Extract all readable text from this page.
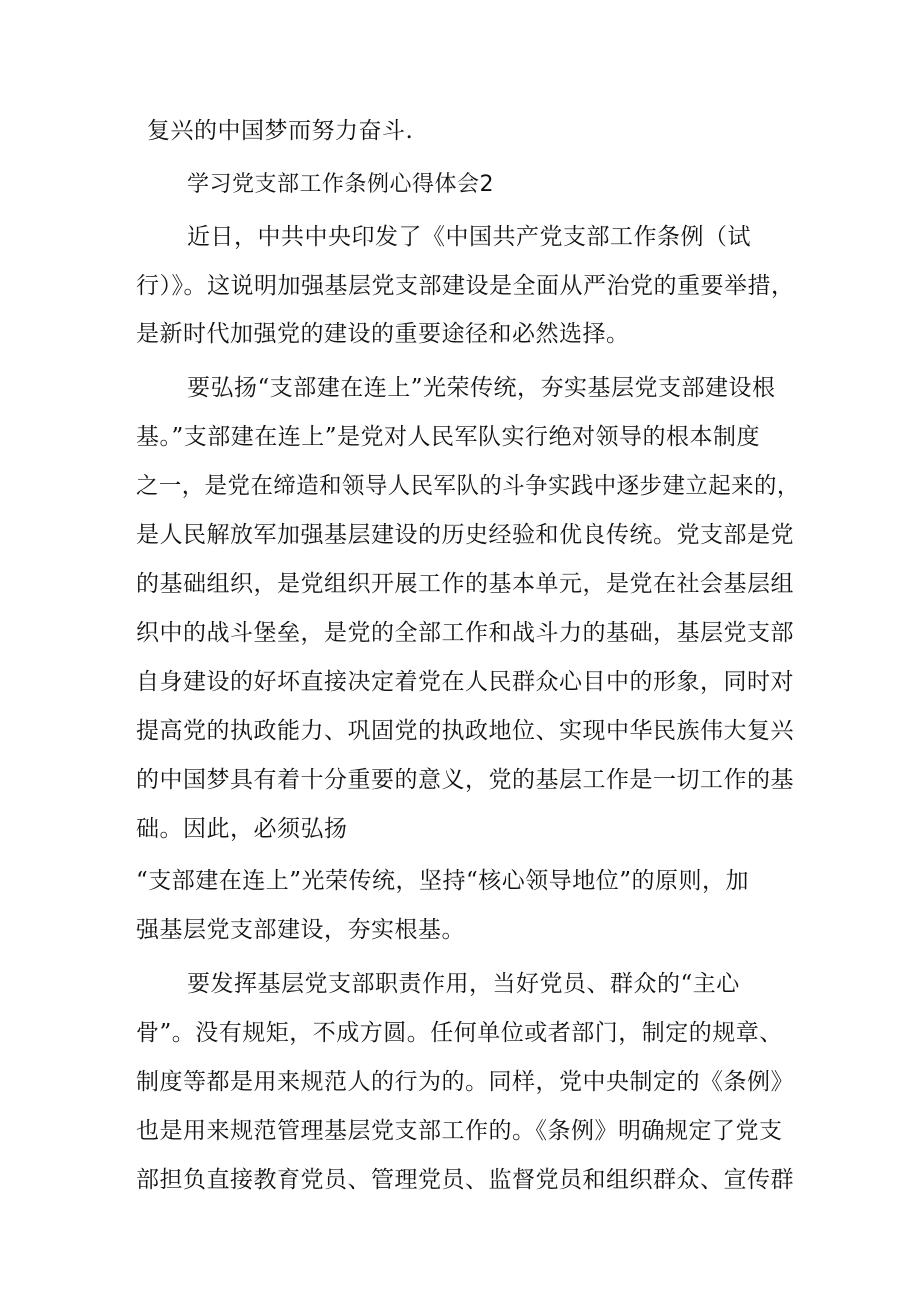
复兴的中国梦而努力奋斗.
学习党支部工作条例心得体会2
近日，中共中央印发了《中国共产党支部工作条例（试
行）》。这说明加强基层党支部建设是全面从严治党的重要举措，
是新时代加强党的建设的重要途径和必然选择。
要弘扬“支部建在连上”光荣传统，夯实基层党支部建设根
基。”支部建在连上”是党对人民军队实行绝对领导的根本制度
之一，是党在缔造和领导人民军队的斗争实践中逐步建立起来的，
是人民解放军加强基层建设的历史经验和优良传统。党支部是党
的基础组织，是党组织开展工作的基本单元，是党在社会基层组
织中的战斗堡垒，是党的全部工作和战斗力的基础，基层党支部
自身建设的好坏直接决定着党在人民群众心目中的形象，同时对
提高党的执政能力、巩固党的执政地位、实现中华民族伟大复兴
的中国梦具有着十分重要的意义，党的基层工作是一切工作的基
础。因此，必须弘扬
“支部建在连上”光荣传统，坚持“核心领导地位”的原则，加
强基层党支部建设，夯实根基。
要发挥基层党支部职责作用，当好党员、群众的“主心
骨”。没有规矩，不成方圆。任何单位或者部门，制定的规章、
制度等都是用来规范人的行为的。同样，党中央制定的《条例》
也是用来规范管理基层党支部工作的。《条例》明确规定了党支
部担负直接教育党员、管理党员、监督党员和组织群众、宣传群
